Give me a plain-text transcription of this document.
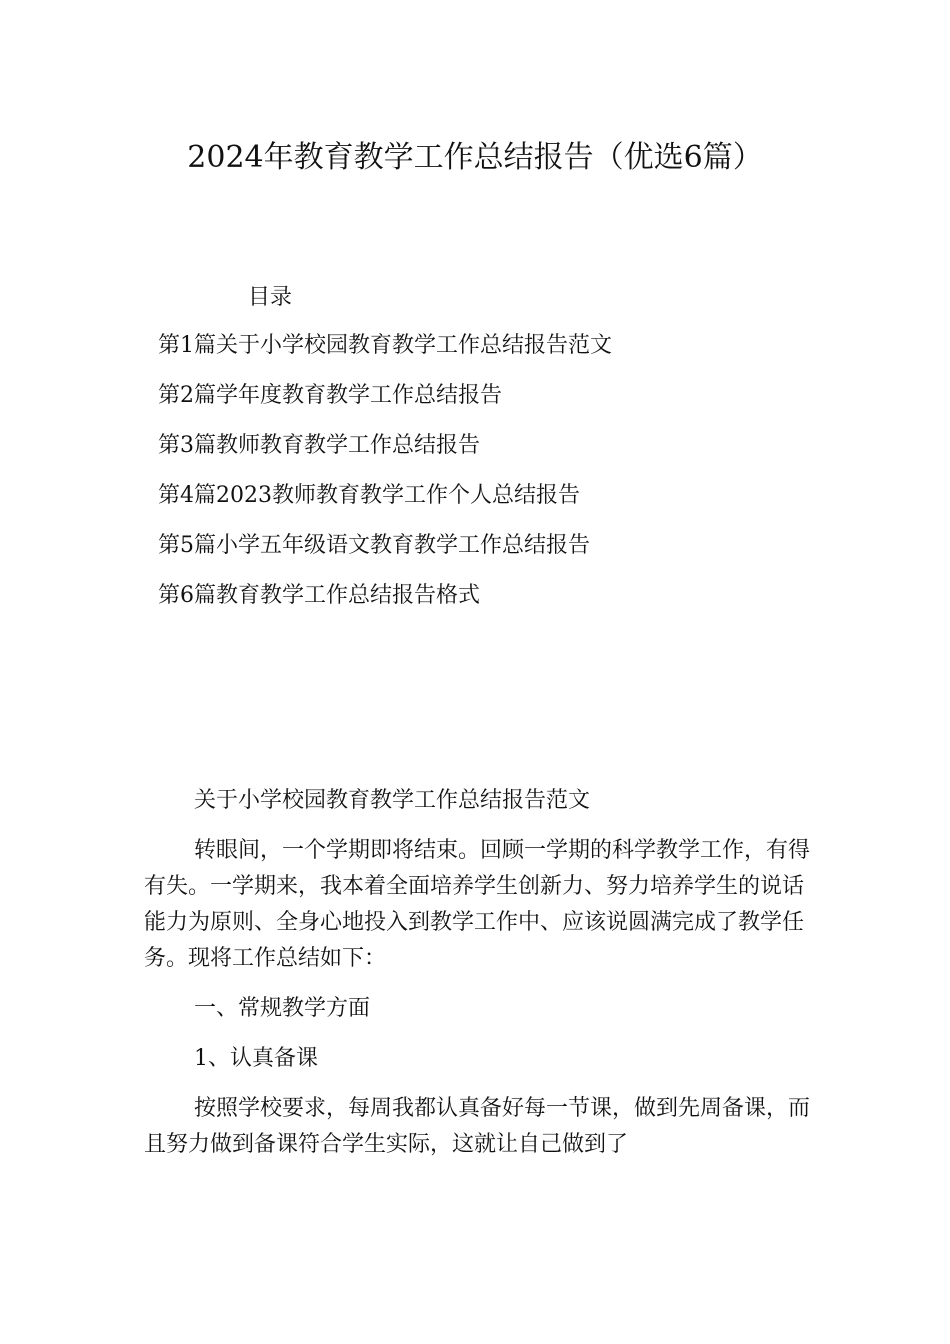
2024年教育教学工作总结报告（优选6篇）
目录
第1篇关于小学校园教育教学工作总结报告范文
第2篇学年度教育教学工作总结报告
第3篇教师教育教学工作总结报告
第4篇2023教师教育教学工作个人总结报告
第5篇小学五年级语文教育教学工作总结报告
第6篇教育教学工作总结报告格式

关于小学校园教育教学工作总结报告范文

转眼间，一个学期即将结束。回顾一学期的科学教学工作，有得有失。一学期来，我本着全面培养学生创新力、努力培养学生的说话能力为原则、全身心地投入到教学工作中、应该说圆满完成了教学任务。现将工作总结如下：

一、常规教学方面

1、认真备课

按照学校要求，每周我都认真备好每一节课，做到先周备课，而且努力做到备课符合学生实际，这就让自己做到了
